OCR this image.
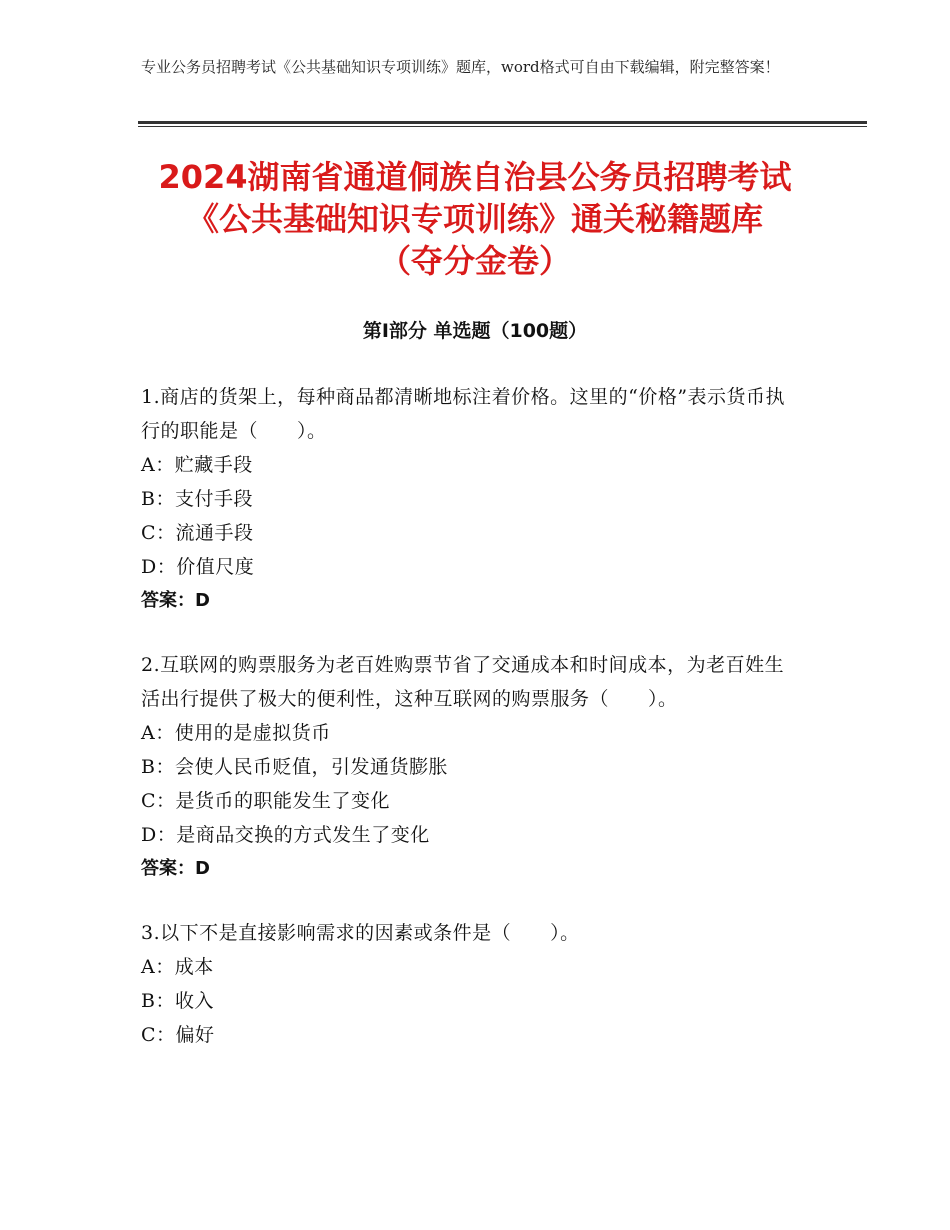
专业公务员招聘考试《公共基础知识专项训练》题库，word格式可自由下载编辑，附完整答案！
2024湖南省通道侗族自治县公务员招聘考试
《公共基础知识专项训练》通关秘籍题库
（夺分金卷）
第Ⅰ部分 单选题（100题）

1.商店的货架上，每种商品都清晰地标注着价格。这里的“价格”表示货币执行的职能是（　　）。

A：贮藏手段

B：支付手段

C：流通手段

D：价值尺度

答案：D

2.互联网的购票服务为老百姓购票节省了交通成本和时间成本，为老百姓生活出行提供了极大的便利性，这种互联网的购票服务（　　）。

A：使用的是虚拟货币

B：会使人民币贬值，引发通货膨胀

C：是货币的职能发生了变化

D：是商品交换的方式发生了变化

答案：D

3.以下不是直接影响需求的因素或条件是（　　）。

A：成本

B：收入

C：偏好
